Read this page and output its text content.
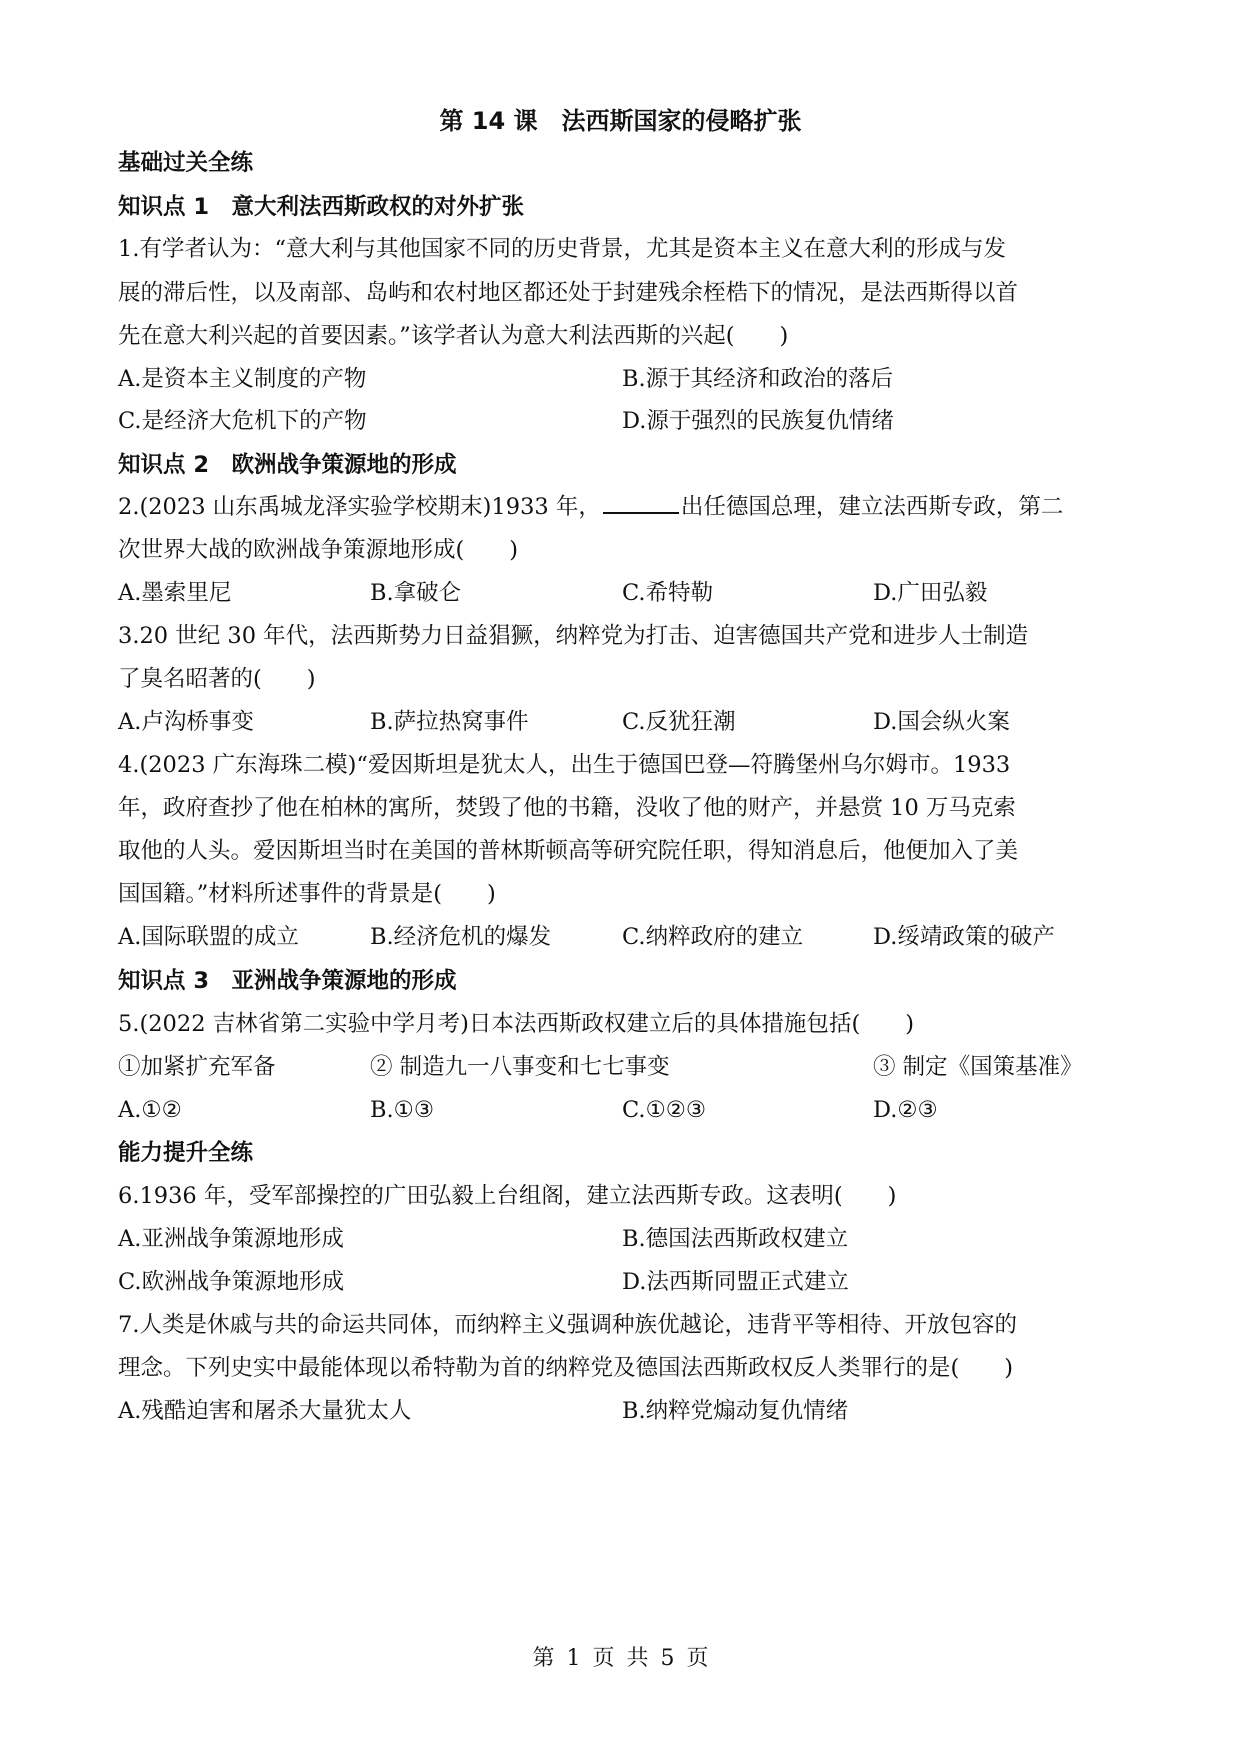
第 14 课　法西斯国家的侵略扩张
基础过关全练
知识点 1　意大利法西斯政权的对外扩张
1.有学者认为：“意大利与其他国家不同的历史背景，尤其是资本主义在意大利的形成与发
展的滞后性，以及南部、岛屿和农村地区都还处于封建残余桎梏下的情况，是法西斯得以首
先在意大利兴起的首要因素。”该学者认为意大利法西斯的兴起(　　)
A.是资本主义制度的产物	B.源于其经济和政治的落后
C.是经济大危机下的产物	D.源于强烈的民族复仇情绪
知识点 2　欧洲战争策源地的形成
2.(2023 山东禹城龙泽实验学校期末)1933 年，	出任德国总理，建立法西斯专政，第二
次世界大战的欧洲战争策源地形成(　　)
A.墨索里尼	B.拿破仑	C.希特勒	D.广田弘毅
3.20 世纪 30 年代，法西斯势力日益猖獗，纳粹党为打击、迫害德国共产党和进步人士制造
了臭名昭著的(　　)
A.卢沟桥事变	B.萨拉热窝事件	C.反犹狂潮	D.国会纵火案
4.(2023 广东海珠二模)“爱因斯坦是犹太人，出生于德国巴登—符腾堡州乌尔姆市。1933
年，政府查抄了他在柏林的寓所，焚毁了他的书籍，没收了他的财产，并悬赏 10 万马克索
取他的人头。爱因斯坦当时在美国的普林斯顿高等研究院任职，得知消息后，他便加入了美
国国籍。”材料所述事件的背景是(　　)
A.国际联盟的成立	B.经济危机的爆发	C.纳粹政府的建立	D.绥靖政策的破产
知识点 3　亚洲战争策源地的形成
5.(2022 吉林省第二实验中学月考)日本法西斯政权建立后的具体措施包括(　　)
①加紧扩充军备	② 制造九一八事变和七七事变	③ 制定《国策基准》
A.①②	B.①③	C.①②③	D.②③
能力提升全练
6.1936 年，受军部操控的广田弘毅上台组阁，建立法西斯专政。这表明(　　)
A.亚洲战争策源地形成	B.德国法西斯政权建立
C.欧洲战争策源地形成	D.法西斯同盟正式建立
7.人类是休戚与共的命运共同体，而纳粹主义强调种族优越论，违背平等相待、开放包容的
理念。下列史实中最能体现以希特勒为首的纳粹党及德国法西斯政权反人类罪行的是(　　)
A.残酷迫害和屠杀大量犹太人	B.纳粹党煽动复仇情绪
第 1 页 共 5 页
